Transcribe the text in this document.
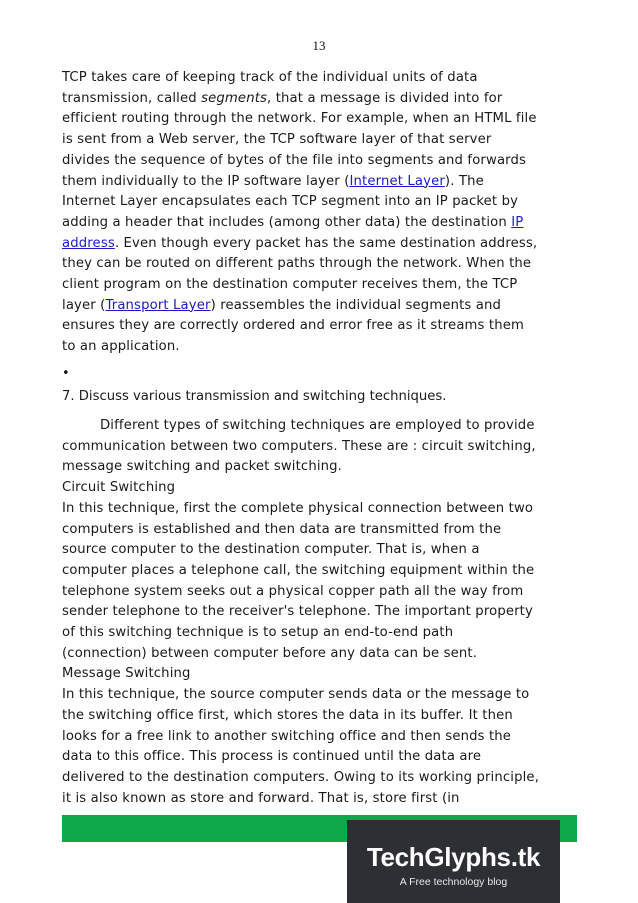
13
TCP takes care of keeping track of the individual units of data
transmission, called segments, that a message is divided into for
efficient routing through the network. For example, when an HTML file
is sent from a Web server, the TCP software layer of that server
divides the sequence of bytes of the file into segments and forwards
them individually to the IP software layer (Internet Layer). The
Internet Layer encapsulates each TCP segment into an IP packet by
adding a header that includes (among other data) the destination IP
address. Even though every packet has the same destination address,
they can be routed on different paths through the network. When the
client program on the destination computer receives them, the TCP
layer (Transport Layer) reassembles the individual segments and
ensures they are correctly ordered and error free as it streams them
to an application.
•
7. Discuss various transmission and switching techniques.
Different types of switching techniques are employed to provide
communication between two computers. These are : circuit switching,
message switching and packet switching.
Circuit Switching
In this technique, first the complete physical connection between two
computers is established and then data are transmitted from the
source computer to the destination computer. That is, when a
computer places a telephone call, the switching equipment within the
telephone system seeks out a physical copper path all the way from
sender telephone to the receiver's telephone. The important property
of this switching technique is to setup an end-to-end path
(connection) between computer before any data can be sent.
Message Switching
In this technique, the source computer sends data or the message to
the switching office first, which stores the data in its buffer. It then
looks for a free link to another switching office and then sends the
data to this office. This process is continued until the data are
delivered to the destination computers. Owing to its working principle,
it is also known as store and forward. That is, store first (in
TechGlyphs.tk
A Free technology blog
